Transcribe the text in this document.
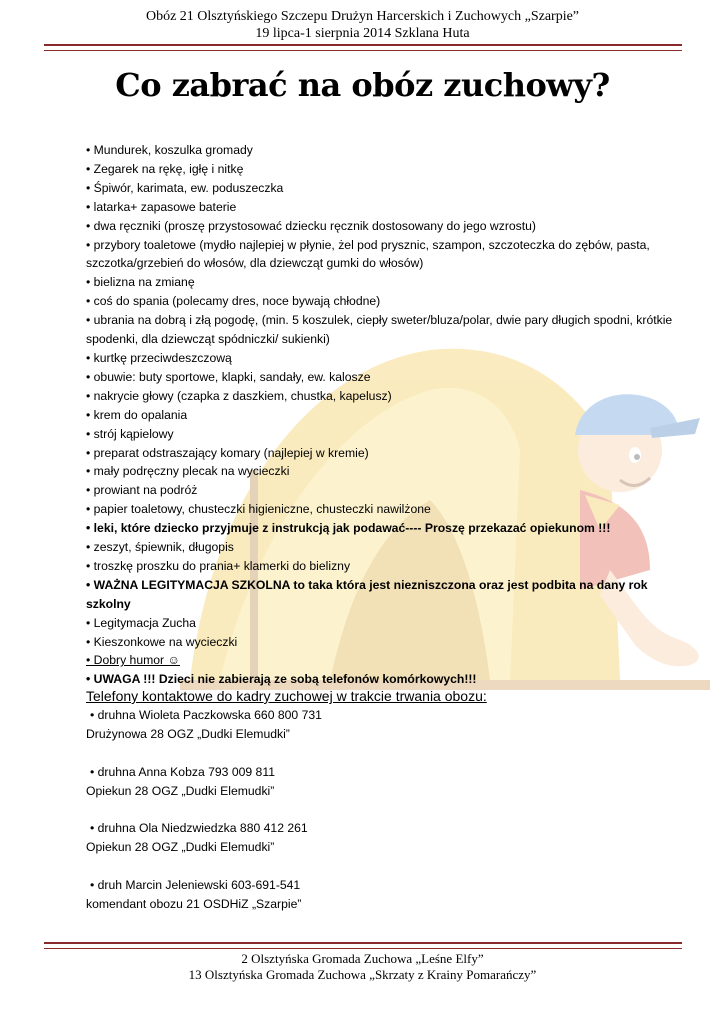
Obóz 21 Olsztyńskiego Szczepu Drużyn Harcerskich i Zuchowych „Szarpie”
19 lipca-1 sierpnia 2014 Szklana Huta
Co zabrać na obóz zuchowy?
• Mundurek, koszulka gromady
• Zegarek na rękę, igłę i nitkę
• Śpiwór, karimata, ew. poduszeczka
• latarka+ zapasowe baterie
• dwa ręczniki (proszę przystosować dziecku ręcznik dostosowany do jego wzrostu)
• przybory toaletowe (mydło najlepiej w płynie, żel pod prysznic, szampon, szczoteczka do zębów, pasta, szczotka/grzebień do włosów, dla dziewcząt gumki do włosów)
• bielizna na zmianę
• coś do spania (polecamy dres, noce bywają chłodne)
• ubrania na dobrą i złą pogodę, (min. 5 koszulek, ciepły sweter/bluza/polar, dwie pary długich spodni, krótkie spodenki, dla dziewcząt spódniczki/ sukienki)
• kurtkę przeciwdeszczową
• obuwie: buty sportowe, klapki, sandały, ew. kalosze
• nakrycie głowy (czapka z daszkiem, chustka, kapelusz)
• krem do opalania
• strój kąpielowy
• preparat odstraszający komary (najlepiej w kremie)
• mały podręczny plecak na wycieczki
• prowiant na podróż
• papier toaletowy, chusteczki higieniczne, chusteczki nawilżone
• leki, które dziecko przyjmuje z instrukcją jak podawać---- Proszę przekazać opiekunom !!!
• zeszyt, śpiewnik, długopis
• troszkę proszku do prania+ klamerki do bielizny
• WAŻNA LEGITYMACJA SZKOLNA to taka która jest niezniszczona oraz jest podbita na dany rok szkolny
• Legitymacja Zucha
• Kieszonkowe na wycieczki
• Dobry humor ☺
• UWAGA !!! Dzieci nie zabierają ze sobą telefonów komórkowych!!!
Telefony kontaktowe do kadry zuchowej w trakcie trwania obozu:
• druhna Wioleta Paczkowska 660 800 731
Drużynowa 28 OGZ „Dudki Elemudki”
• druhna Anna Kobza 793 009 811
Opiekun 28 OGZ „Dudki Elemudki”
• druhna Ola Niedzwiedzka 880 412 261
Opiekun 28 OGZ „Dudki Elemudki”
• druh Marcin Jeleniewski 603-691-541
komendant obozu 21 OSDHiZ „Szarpie”
2 Olsztyńska Gromada Zuchowa „Leśne Elfy”
13 Olsztyńska Gromada Zuchowa „Skrzaty z Krainy Pomarańczy”
